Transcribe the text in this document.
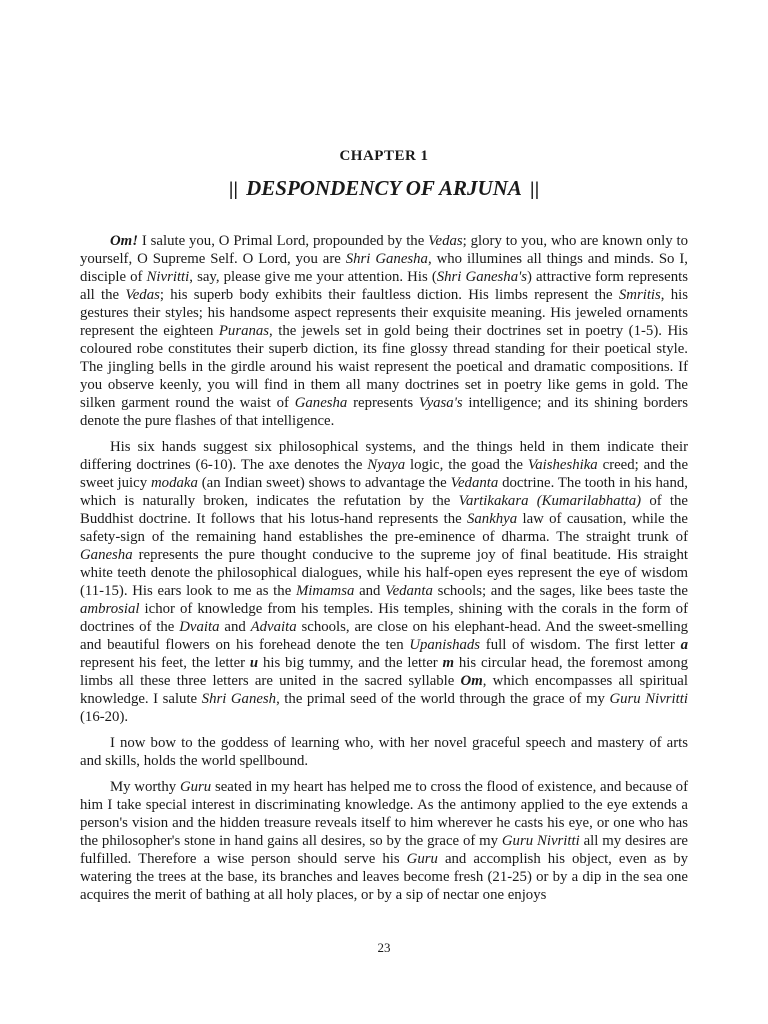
CHAPTER 1
|| DESPONDENCY OF ARJUNA ||

Om! I salute you, O Primal Lord, propounded by the Vedas; glory to you, who are known only to yourself, O Supreme Self. O Lord, you are Shri Ganesha, who illumines all things and minds. So I, disciple of Nivritti, say, please give me your attention. His (Shri Ganesha's) attractive form represents all the Vedas; his superb body exhibits their faultless diction. His limbs represent the Smritis, his gestures their styles; his handsome aspect represents their exquisite meaning. His jeweled ornaments represent the eighteen Puranas, the jewels set in gold being their doctrines set in poetry (1-5). His coloured robe constitutes their superb diction, its fine glossy thread standing for their poetical style. The jingling bells in the girdle around his waist represent the poetical and dramatic compositions. If you observe keenly, you will find in them all many doctrines set in poetry like gems in gold. The silken garment round the waist of Ganesha represents Vyasa's intelligence; and its shining borders denote the pure flashes of that intelligence.

His six hands suggest six philosophical systems, and the things held in them indicate their differing doctrines (6-10). The axe denotes the Nyaya logic, the goad the Vaisheshika creed; and the sweet juicy modaka (an Indian sweet) shows to advantage the Vedanta doctrine. The tooth in his hand, which is naturally broken, indicates the refutation by the Vartikakara (Kumarilabhatta) of the Buddhist doctrine. It follows that his lotus-hand represents the Sankhya law of causation, while the safety-sign of the remaining hand establishes the pre-eminence of dharma. The straight trunk of Ganesha represents the pure thought conducive to the supreme joy of final beatitude. His straight white teeth denote the philosophical dialogues, while his half-open eyes represent the eye of wisdom (11-15). His ears look to me as the Mimamsa and Vedanta schools; and the sages, like bees taste the ambrosial ichor of knowledge from his temples. His temples, shining with the corals in the form of doctrines of the Dvaita and Advaita schools, are close on his elephant-head. And the sweet-smelling and beautiful flowers on his forehead denote the ten Upanishads full of wisdom. The first letter a represent his feet, the letter u his big tummy, and the letter m his circular head, the foremost among limbs all these three letters are united in the sacred syllable Om, which encompasses all spiritual knowledge. I salute Shri Ganesh, the primal seed of the world through the grace of my Guru Nivritti (16-20).

I now bow to the goddess of learning who, with her novel graceful speech and mastery of arts and skills, holds the world spellbound.

My worthy Guru seated in my heart has helped me to cross the flood of existence, and because of him I take special interest in discriminating knowledge. As the antimony applied to the eye extends a person's vision and the hidden treasure reveals itself to him wherever he casts his eye, or one who has the philosopher's stone in hand gains all desires, so by the grace of my Guru Nivritti all my desires are fulfilled. Therefore a wise person should serve his Guru and accomplish his object, even as by watering the trees at the base, its branches and leaves become fresh (21-25) or by a dip in the sea one acquires the merit of bathing at all holy places, or by a sip of nectar one enjoys

23
